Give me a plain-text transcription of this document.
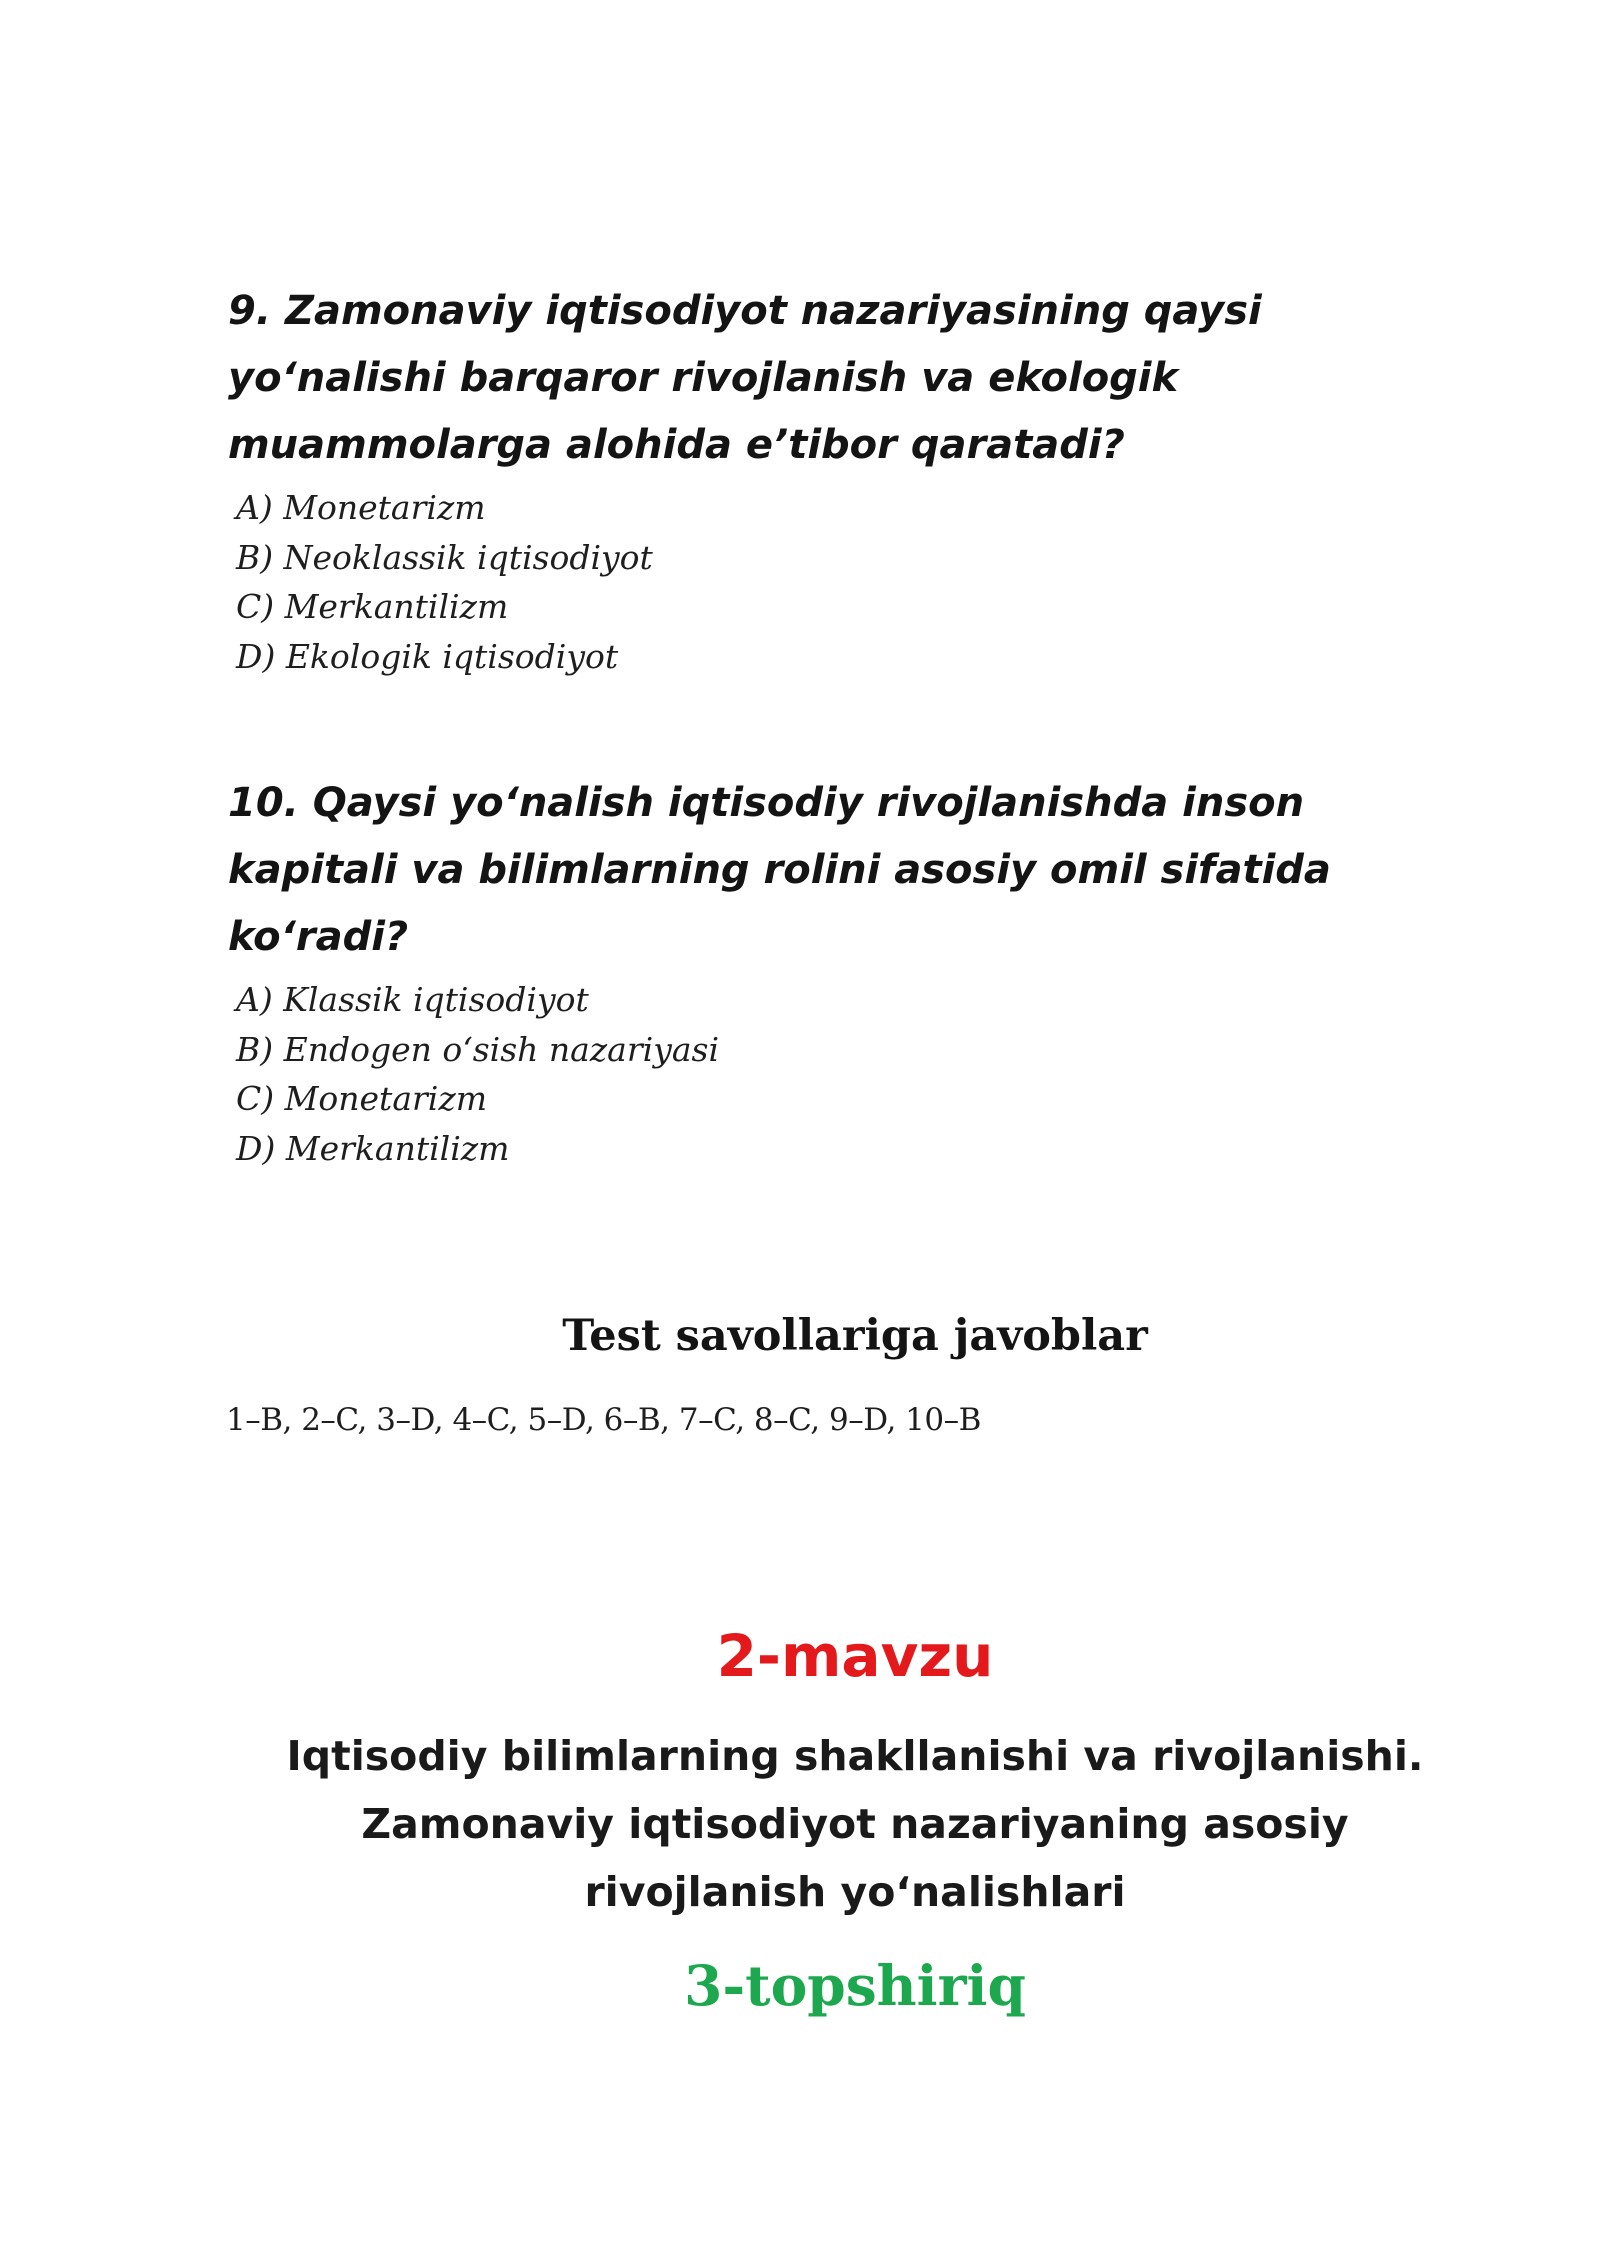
9. Zamonaviy iqtisodiyot nazariyasining qaysi yo‘nalishi barqaror rivojlanish va ekologik muammolarga alohida e’tibor qaratadi?

A) Monetarizm
B) Neoklassik iqtisodiyot
C) Merkantilizm
D) Ekologik iqtisodiyot

10. Qaysi yo‘nalish iqtisodiy rivojlanishda inson kapitali va bilimlarning rolini asosiy omil sifatida ko‘radi?

A) Klassik iqtisodiyot
B) Endogen o‘sish nazariyasi
C) Monetarizm
D) Merkantilizm
Test savollariga javoblar
1–B, 2–C, 3–D, 4–C, 5–D, 6–B, 7–C, 8–C, 9–D, 10–B
2-mavzu
Iqtisodiy bilimlarning shakllanishi va rivojlanishi. Zamonaviy iqtisodiyot nazariyaning asosiy rivojlanish yo‘nalishlari
3-topshiriq
